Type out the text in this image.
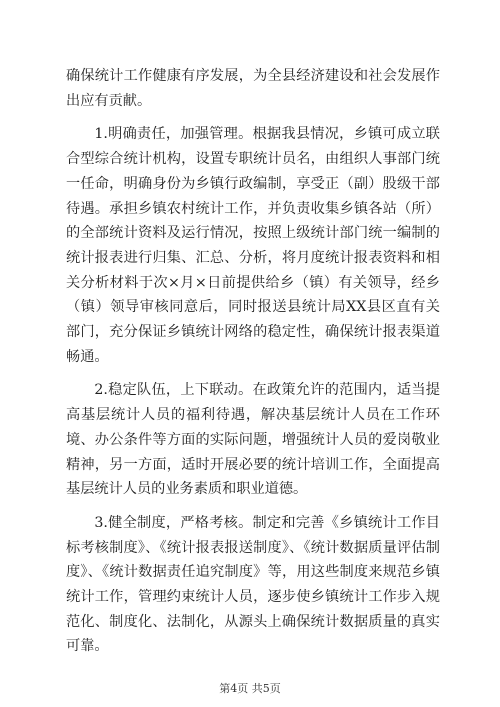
确保统计工作健康有序发展，为全县经济建设和社会发展作出应有贡献。

1.明确责任，加强管理。根据我县情况，乡镇可成立联合型综合统计机构，设置专职统计员名，由组织人事部门统一任命，明确身份为乡镇行政编制，享受正（副）股级干部待遇。承担乡镇农村统计工作，并负责收集乡镇各站（所）的全部统计资料及运行情况，按照上级统计部门统一编制的统计报表进行归集、汇总、分析，将月度统计报表资料和相关分析材料于次×月×日前提供给乡（镇）有关领导，经乡（镇）领导审核同意后，同时报送县统计局XX县区直有关部门，充分保证乡镇统计网络的稳定性，确保统计报表渠道畅通。

2.稳定队伍，上下联动。在政策允许的范围内，适当提高基层统计人员的福利待遇，解决基层统计人员在工作环境、办公条件等方面的实际问题，增强统计人员的爱岗敬业精神，另一方面，适时开展必要的统计培训工作，全面提高基层统计人员的业务素质和职业道德。

3.健全制度，严格考核。制定和完善《乡镇统计工作目标考核制度》、《统计报表报送制度》、《统计数据质量评估制度》、《统计数据责任追究制度》等，用这些制度来规范乡镇统计工作，管理约束统计人员，逐步使乡镇统计工作步入规范化、制度化、法制化，从源头上确保统计数据质量的真实可靠。

第4页 共5页
